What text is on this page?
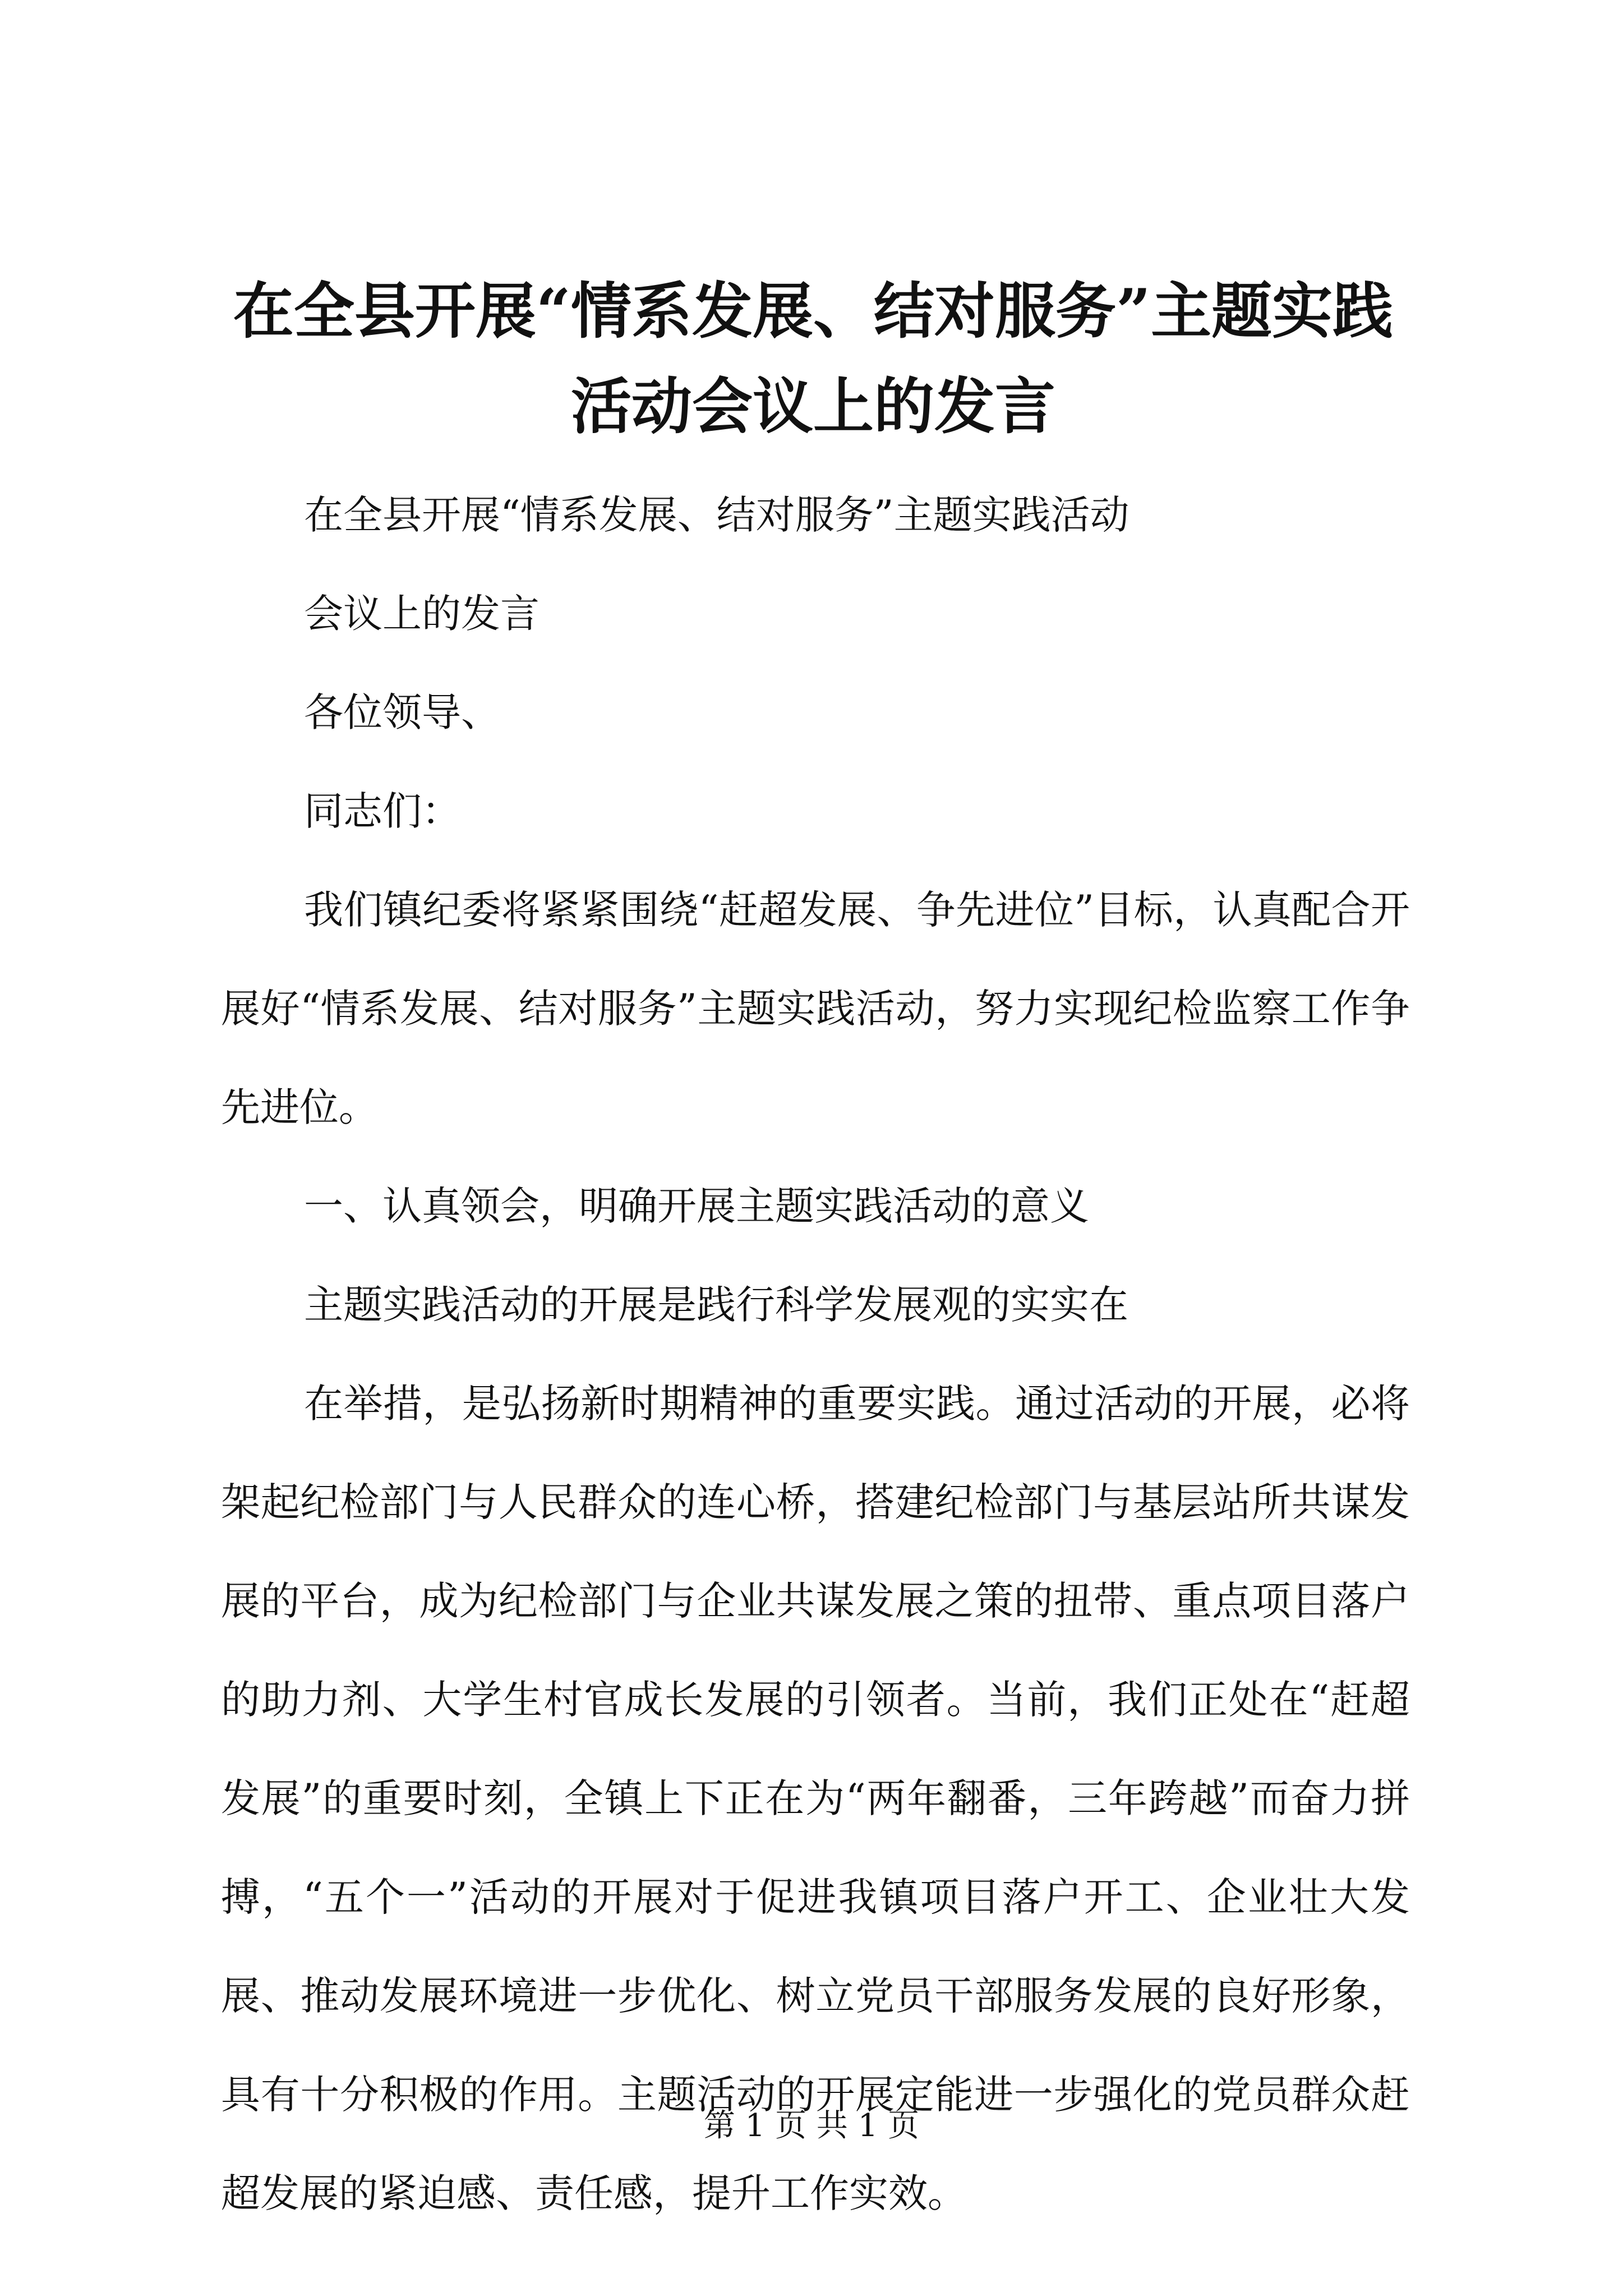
在全县开展“情系发展、结对服务”主题实践
活动会议上的发言

在全县开展“情系发展、结对服务”主题实践活动

会议上的发言

各位领导、

同志们：

我们镇纪委将紧紧围绕“赶超发展、争先进位”目标，认真配合开展好“情系发展、结对服务”主题实践活动，努力实现纪检监察工作争先进位。

一、认真领会，明确开展主题实践活动的意义

主题实践活动的开展是践行科学发展观的实实在

在举措，是弘扬新时期精神的重要实践。通过活动的开展，必将架起纪检部门与人民群众的连心桥，搭建纪检部门与基层站所共谋发展的平台，成为纪检部门与企业共谋发展之策的扭带、重点项目落户的助力剂、大学生村官成长发展的引领者。当前，我们正处在“赶超发展”的重要时刻，全镇上下正在为“两年翻番，三年跨越”而奋力拼搏，“五个一”活动的开展对于促进我镇项目落户开工、企业壮大发展、推动发展环境进一步优化、树立党员干部服务发展的良好形象，具有十分积极的作用。主题活动的开展定能进一步强化的党员群众赶超发展的紧迫感、责任感，提升工作实效。

第 1 页 共 1 页
